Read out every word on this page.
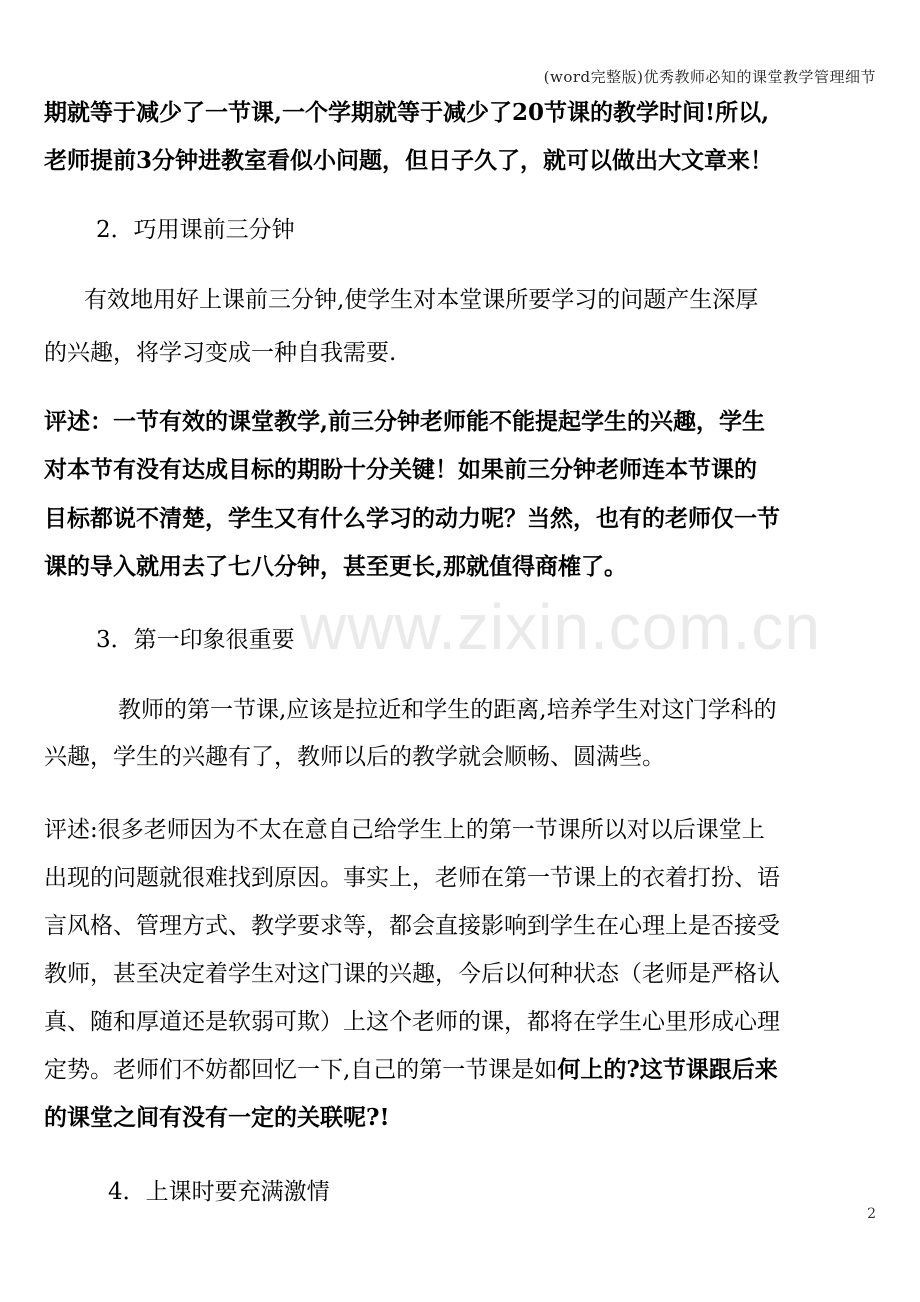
(word完整版)优秀教师必知的课堂教学管理细节
期就等于减少了一节课,一个学期就等于减少了20节课的教学时间!所以,
老师提前3分钟进教室看似小问题，但日子久了，就可以做出大文章来！
2．巧用课前三分钟
有效地用好上课前三分钟,使学生对本堂课所要学习的问题产生深厚
的兴趣，将学习变成一种自我需要.
评述：一节有效的课堂教学,前三分钟老师能不能提起学生的兴趣，学生
对本节有没有达成目标的期盼十分关键！如果前三分钟老师连本节课的
目标都说不清楚，学生又有什么学习的动力呢？当然，也有的老师仅一节
课的导入就用去了七八分钟，甚至更长,那就值得商榷了。
www.zixin.com.cn
3．第一印象很重要
教师的第一节课,应该是拉近和学生的距离,培养学生对这门学科的
兴趣，学生的兴趣有了，教师以后的教学就会顺畅、圆满些。
评述:很多老师因为不太在意自己给学生上的第一节课所以对以后课堂上
出现的问题就很难找到原因。事实上，老师在第一节课上的衣着打扮、语
言风格、管理方式、教学要求等，都会直接影响到学生在心理上是否接受
教师，甚至决定着学生对这门课的兴趣，今后以何种状态（老师是严格认
真、随和厚道还是软弱可欺）上这个老师的课，都将在学生心里形成心理
定势。老师们不妨都回忆一下,自己的第一节课是如何上的?这节课跟后来
的课堂之间有没有一定的关联呢?!
4．上课时要充满激情
2
